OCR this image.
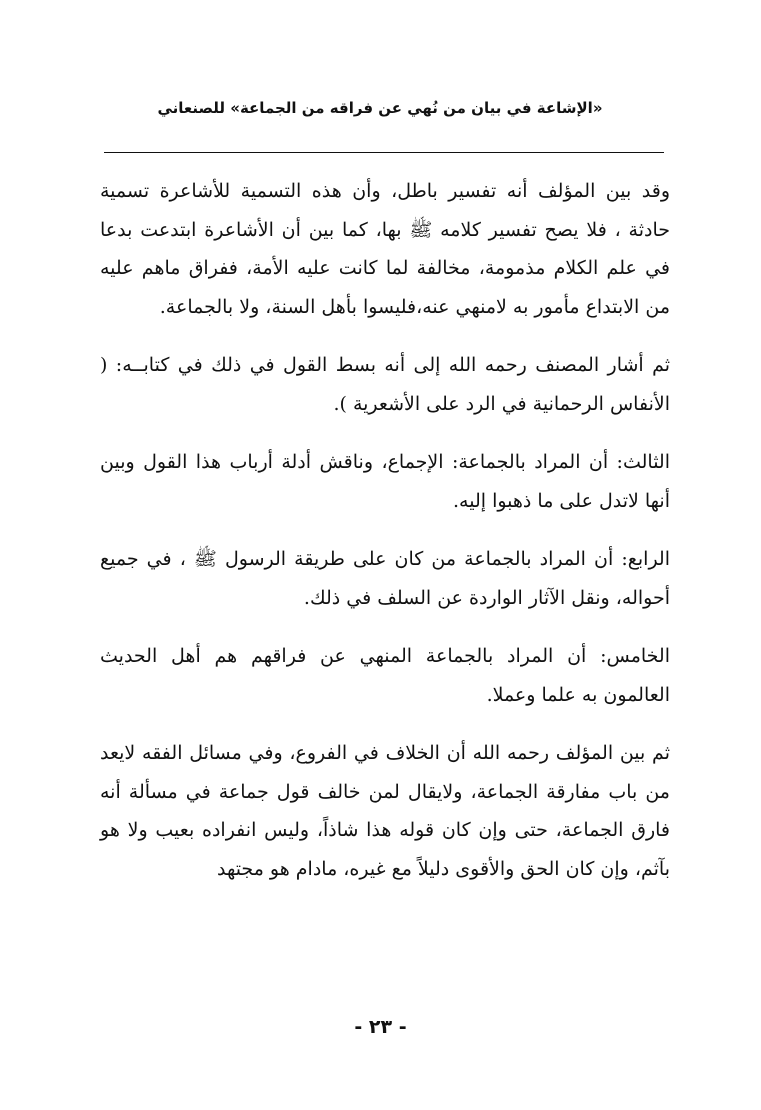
«الإشاعة في بيان من نُهي عن فراقه من الجماعة» للصنعاني

وقد بين المؤلف أنه تفسير باطل، وأن هذه التسمية للأشاعرة تسمية حادثة ، فلا يصح تفسير كلامه ﷺ بها، كما بين أن الأشاعرة ابتدعت بدعا في علم الكلام مذمومة، مخالفة لما كانت عليه الأمة، ففراق ماهم عليه من الابتداع مأمور به لامنهي عنه،فليسوا بأهل السنة، ولا بالجماعة.

ثم أشار المصنف رحمه الله إلى أنه بسط القول في ذلك في كتابــه: ( الأنفاس الرحمانية في الرد على الأشعرية ).

الثالث: أن المراد بالجماعة: الإجماع، وناقش أدلة أرباب هذا القول وبين أنها لاتدل على ما ذهبوا إليه.

الرابع: أن المراد بالجماعة من كان على طريقة الرسول ﷺ ، في جميع أحواله، ونقل الآثار الواردة عن السلف في ذلك.

الخامس: أن المراد بالجماعة المنهي عن فراقهم هم أهل الحديث العالمون به علما وعملا.

ثم بين المؤلف رحمه الله أن الخلاف في الفروع، وفي مسائل الفقه لايعد من باب مفارقة الجماعة، ولايقال لمن خالف قول جماعة في مسألة أنه فارق الجماعة، حتى وإن كان قوله هذا شاذاً، وليس انفراده بعيب ولا هو بآثم، وإن كان الحق والأقوى دليلاً مع غيره، مادام هو مجتهد

- ٢٣ -
